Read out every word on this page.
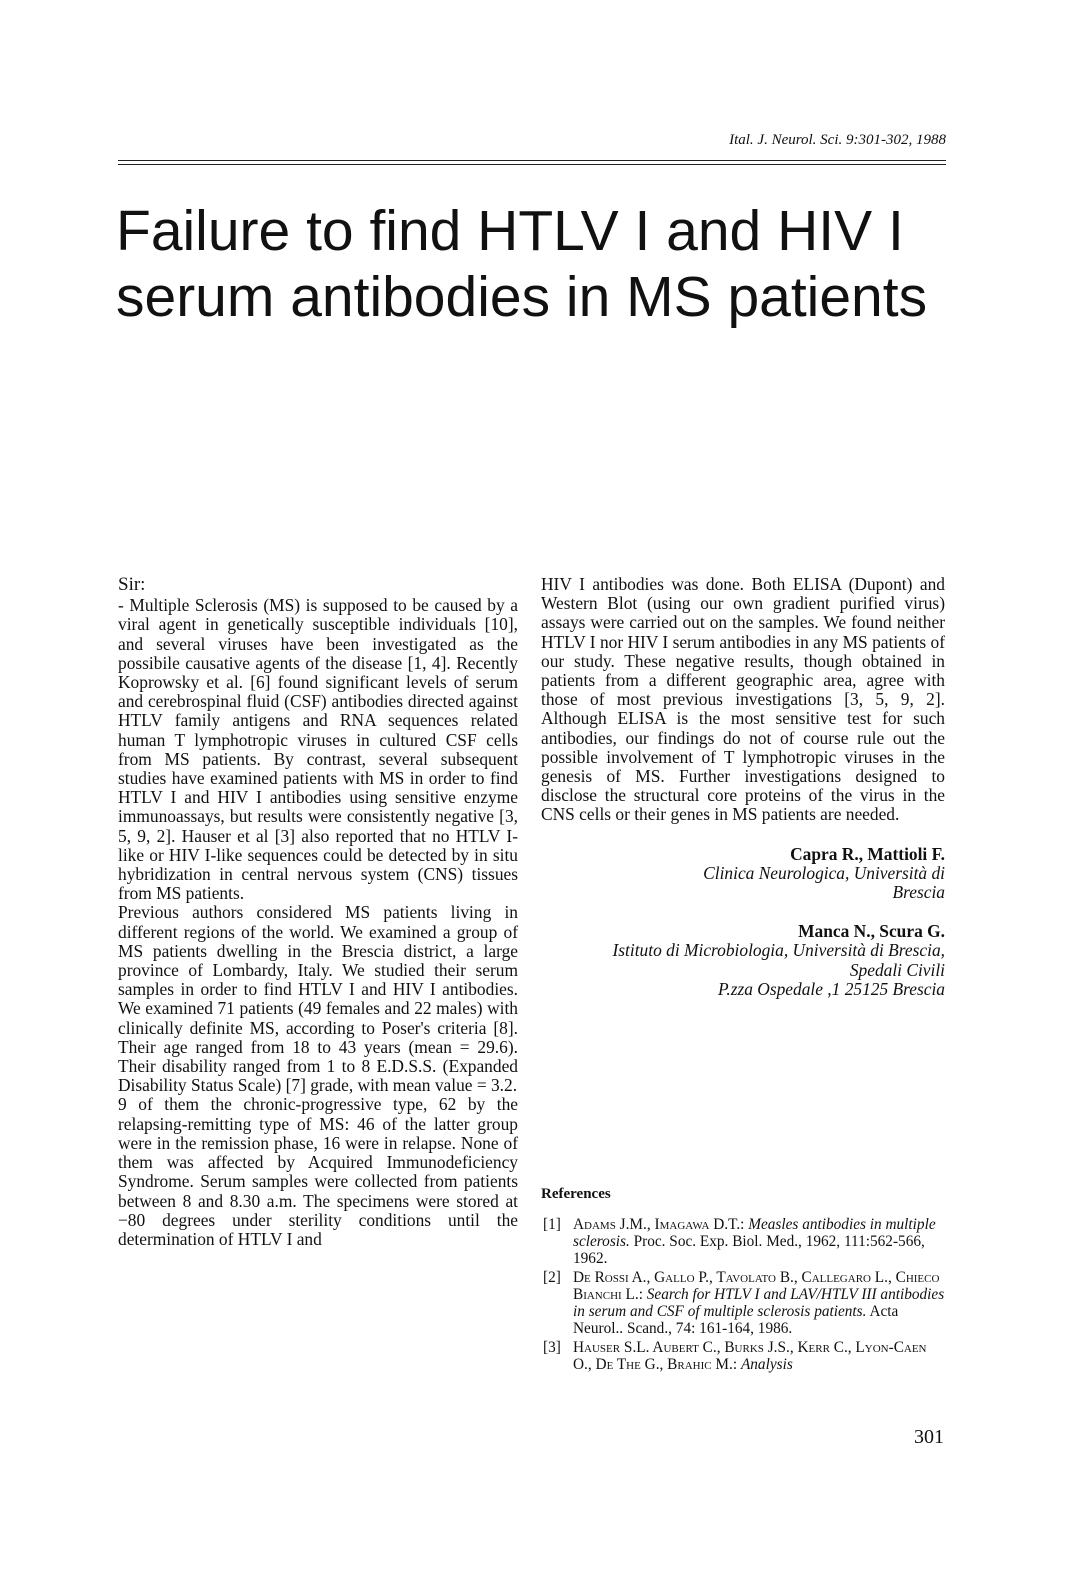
Ital. J. Neurol. Sci. 9:301-302, 1988
Failure to find HTLV I and HIV I serum antibodies in MS patients

Sir:

- Multiple Sclerosis (MS) is supposed to be caused by a viral agent in genetically susceptible individuals [10], and several viruses have been investigated as the possibile causative agents of the disease [1, 4]. Recently Koprowsky et al. [6] found significant levels of serum and cerebrospinal fluid (CSF) antibodies directed against HTLV family antigens and RNA sequences related human T lymphotropic viruses in cultured CSF cells from MS patients. By contrast, several subsequent studies have examined patients with MS in order to find HTLV I and HIV I antibodies using sensitive enzyme immunoassays, but results were consistently negative [3, 5, 9, 2]. Hauser et al [3] also reported that no HTLV I-like or HIV I-like sequences could be detected by in situ hybridization in central nervous system (CNS) tissues from MS patients.

Previous authors considered MS patients living in different regions of the world. We examined a group of MS patients dwelling in the Brescia district, a large province of Lombardy, Italy. We studied their serum samples in order to find HTLV I and HIV I antibodies. We examined 71 patients (49 females and 22 males) with clinically definite MS, according to Poser's criteria [8]. Their age ranged from 18 to 43 years (mean = 29.6). Their disability ranged from 1 to 8 E.D.S.S. (Expanded Disability Status Scale) [7] grade, with mean value = 3.2.

9 of them the chronic-progressive type, 62 by the relapsing-remitting type of MS: 46 of the latter group were in the remission phase, 16 were in relapse. None of them was affected by Acquired Immunodeficiency Syndrome. Serum samples were collected from patients between 8 and 8.30 a.m. The specimens were stored at −80 degrees under sterility conditions until the determination of HTLV I and

HIV I antibodies was done. Both ELISA (Dupont) and Western Blot (using our own gradient purified virus) assays were carried out on the samples. We found neither HTLV I nor HIV I serum antibodies in any MS patients of our study. These negative results, though obtained in patients from a different geographic area, agree with those of most previous investigations [3, 5, 9, 2]. Although ELISA is the most sensitive test for such antibodies, our findings do not of course rule out the possible involvement of T lymphotropic viruses in the genesis of MS. Further investigations designed to disclose the structural core proteins of the virus in the CNS cells or their genes in MS patients are needed.

Capra R., Mattioli F.
Clinica Neurologica, Università di
Brescia
Manca N., Scura G.
Istituto di Microbiologia, Università di Brescia,
Spedali Civili
P.zza Ospedale ,1 25125 Brescia
References
[1] Adams J.M., Imagawa D.T.: Measles antibodies in multiple sclerosis. Proc. Soc. Exp. Biol. Med., 1962, 111:562-566, 1962.
[2] De Rossi A., Gallo P., Tavolato B., Callegaro L., Chieco Bianchi L.: Search for HTLV I and LAV/HTLV III antibodies in serum and CSF of multiple sclerosis patients. Acta Neurol.. Scand., 74: 161-164, 1986.
[3] Hauser S.L. Aubert C., Burks J.S., Kerr C., Lyon-Caen O., De The G., Brahic M.: Analysis
301
